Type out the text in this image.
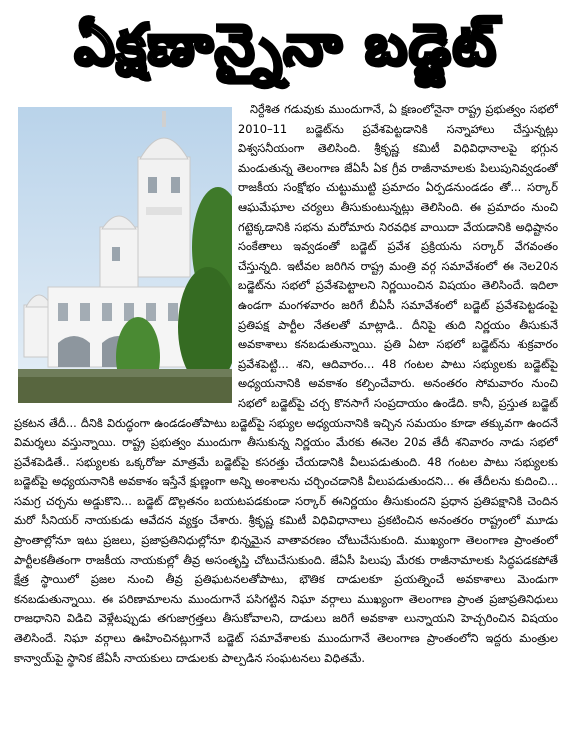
ఏక్షణాన్నైనా బడ్జెట్
నిర్దేశిత గడువుకు ముందుగానే, ఏ క్షణంలోనైనా రాష్ట్ర ప్రభుత్వం సభలో 2010–11 బడ్జెట్‌ను ప్రవేశపెట్టడానికి సన్నాహాలు చేస్తున్నట్లు విశ్వసనీయంగా తెలిసింది. శ్రీకృష్ణ కమిటీ విధివిధానాలపై భగ్గున మండుతున్న తెలంగాణ జేఏసీ ఏక గ్రీవ రాజీనామాలకు పిలుపునివ్వడంతో రాజకీయ సంక్షోభం చుట్టుముట్టి ప్రమాదం ఏర్పడనుండడం తో... సర్కార్ ఆఘమేఘాల చర్యలు తీసుకుంటున్నట్లు తెలిసింది. ఈ ప్రమాదం నుంచి గట్టెక్కడానికి సభను మరోమారు నిరవధిక వాయిదా వేయడానికి అధిష్టానం సంకేతాలు ఇవ్వడంతో బడ్జెట్ ప్రవేశ ప్రక్రియను సర్కార్ వేగవంతం చేస్తున్నది. ఇటీవల జరిగిన రాష్ట్ర మంత్రి వర్గ సమావేశంలో ఈ నెల20న బడ్జెట్‌ను సభలో ప్రవేశపెట్టాలని నిర్ణయించిన విషయం తెలిసిందే. ఇదిలా ఉండగా మంగళవారం జరిగే బీఏసీ సమావేశంలో బడ్జెట్ ప్రవేశపెట్టడంపై ప్రతిపక్ష పార్టీల నేతలతో మాట్లాడి.. దీనిపై తుది నిర్ణయం తీసుకునే అవకాశాలు కనబడుతున్నాయి. ప్రతి ఏటా సభలో బడ్జెట్‌ను శుక్రవారం ప్రవేశపెట్టి... శని, ఆదివారం... 48 గంటల పాటు సభ్యులకు బడ్జెట్‌పై అధ్యయనానికి అవకాశం కల్పించేవారు. అనంతరం సోమవారం నుంచి సభలో బడ్జెట్‌పై చర్చ కొనసాగే సంప్రదాయం ఉండేది. కానీ, ప్రస్తుత బడ్జెట్ ప్రకటన తేదీ... దీనికి విరుద్ధంగా ఉండడంతోపాటు బడ్జెట్‌పై సభ్యుల అధ్యయనానికి ఇచ్చిన సమయం కూడా తక్కువగా ఉందనే విమర్శలు వస్తున్నాయి. రాష్ట్ర ప్రభుత్వం ముందుగా తీసుకున్న నిర్ణయం మేరకు ఈనెల 20వ తేదీ శనివారం నాడు సభలో ప్రవేశపెడితే.. సభ్యులకు ఒక్కరోజు మాత్రమే బడ్జెట్‌పై కసరత్తు చేయడానికి వీలుపడుతుంది. 48 గంటల పాటు సభ్యులకు బడ్జెట్‌పై అధ్యయనానికి అవకాశం ఇస్తేనే క్షుణ్ణంగా అన్ని అంశాలను చర్చించడానికి వీలుపడుతుందని... ఈ తేదీలను కుదించి... సమగ్ర చర్చను అడ్డుకొని... బడ్జెట్ డొల్లతనం బయటపడకుండా సర్కార్ ఈనిర్ణయం తీసుకుందని ప్రధాన ప్రతిపక్షానికి చెందిన మరో సీనియర్ నాయకుడు ఆవేదన వ్యక్తం చేశారు. శ్రీకృష్ణ కమిటీ విధివిధానాలు ప్రకటించిన అనంతరం రాష్ట్రంలో మూడు ప్రాంతాల్లోనూ ఇటు ప్రజలు, ప్రజాప్రతినిధుల్లోనూ భిన్నమైన వాతావరణం చోటుచేసుకుంది. ముఖ్యంగా తెలంగాణ ప్రాంతంలో పార్టీలకతీతంగా రాజకీయ నాయకుల్లో తీవ్ర అసంతృప్తి చోటుచేసుకుంది. జేఏసీ పిలుపు మేరకు రాజీనామాలకు సిద్ధపడకపోతే క్షేత్ర స్థాయిలో ప్రజల నుంచి తీవ్ర ప్రతిఘటనలతోపాటు, భౌతిక దాడులకూ ప్రయత్నించే అవకాశాలు మెండుగా కనబడుతున్నాయి. ఈ పరిణామాలను ముందుగానే పసిగట్టిన నిఘా వర్గాలు ముఖ్యంగా తెలంగాణ ప్రాంత ప్రజాప్రతినిధులు రాజధానిని విడిచి వెళ్లేటప్పుడు తగుజాగ్రత్తలు తీసుకోవాలని, దాడులు జరిగే అవకాశా లున్నాయని హెచ్చరించిన విషయం తెలిసిందే. నిఘా వర్గాలు ఊహించినట్లుగానే బడ్జెట్ సమావేశాలకు ముందుగానే తెలంగాణ ప్రాంతంలోని ఇద్దరు మంత్రుల కాన్వాయ్‌పై స్థానిక జేఏసీ నాయకులు దాడులకు పాల్పడిన సంఘటనలు విధితమే.
